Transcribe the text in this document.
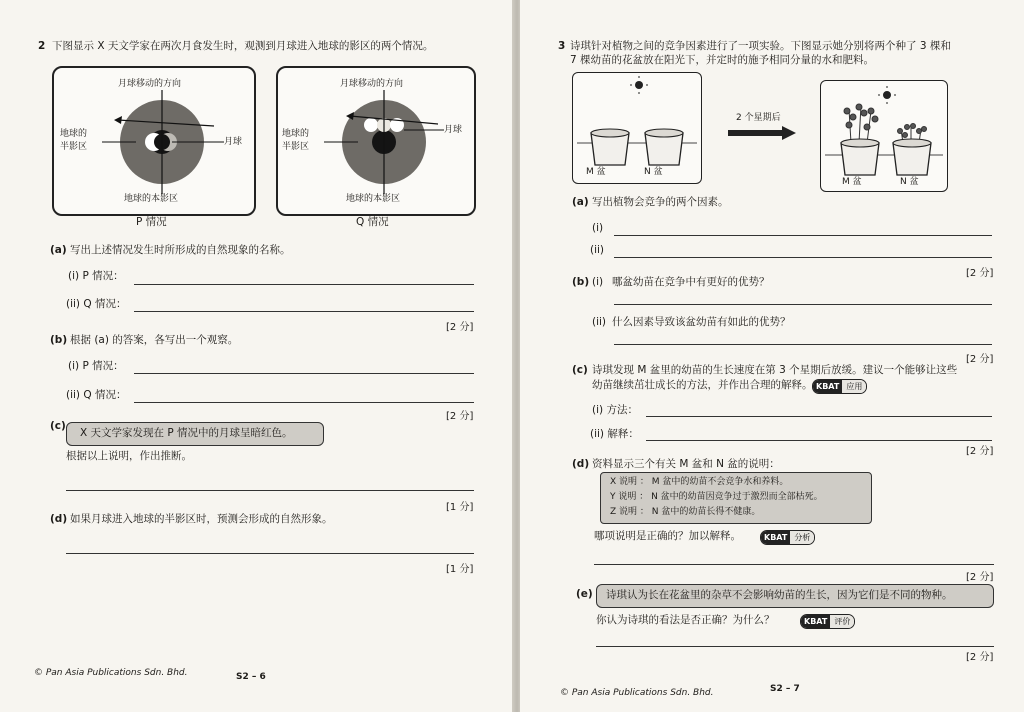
2 下图显示 X 天文学家在两次月食发生时，观测到月球进入地球的影区的两个情况。
月球移动的方向
地球的
半影区	月球
地球的本影区
P 情况
月球移动的方向
地球的
半影区
月球
地球的本影区
Q 情况
(a) 写出上述情况发生时所形成的自然现象的名称。
(i) P 情况：
(ii) Q 情况：
[2 分]
(b) 根据 (a) 的答案，各写出一个观察。
(i) P 情况：
(ii) Q 情况：
[2 分]
(c)
X 天文学家发现在 P 情况中的月球呈暗红色。
根据以上说明，作出推断。
[1 分]
(d) 如果月球进入地球的半影区时，预测会形成的自然形象。
[1 分]
© Pan Asia Publications Sdn. Bhd.	S2 – 6
3 诗琪针对植物之间的竞争因素进行了一项实验。下图显示她分别将两个种了 3 棵和
7 棵幼苗的花盆放在阳光下，并定时的施予相同分量的水和肥料。
M 盆	N 盆
2 个星期后
M 盆	N 盆
(a) 写出植物会竞争的两个因素。
(i)
(ii)
[2 分]
(b) (i) 哪盆幼苗在竞争中有更好的优势？
(ii) 什么因素导致该盆幼苗有如此的优势？
[2 分]
(c) 诗琪发现 M 盆里的幼苗的生长速度在第 3 个星期后放缓。建议一个能够让这些
幼苗继续茁壮成长的方法，并作出合理的解释。 KBAT 应用
(i) 方法：
(ii) 解释：
[2 分]
(d) 资料显示三个有关 M 盆和 N 盆的说明：
X 说明 ： M 盆中的幼苗不会竞争水和养料。
Y 说明 ： N 盆中的幼苗因竞争过于激烈而全部枯死。
Z 说明 ： N 盆中的幼苗长得不健康。
哪项说明是正确的？加以解释。	KBAT 分析
[2 分]
(e) 诗琪认为长在花盆里的杂草不会影响幼苗的生长，因为它们是不同的物种。
你认为诗琪的看法是否正确？为什么？	KBAT 评价
[2 分]
© Pan Asia Publications Sdn. Bhd.	S2 – 7
